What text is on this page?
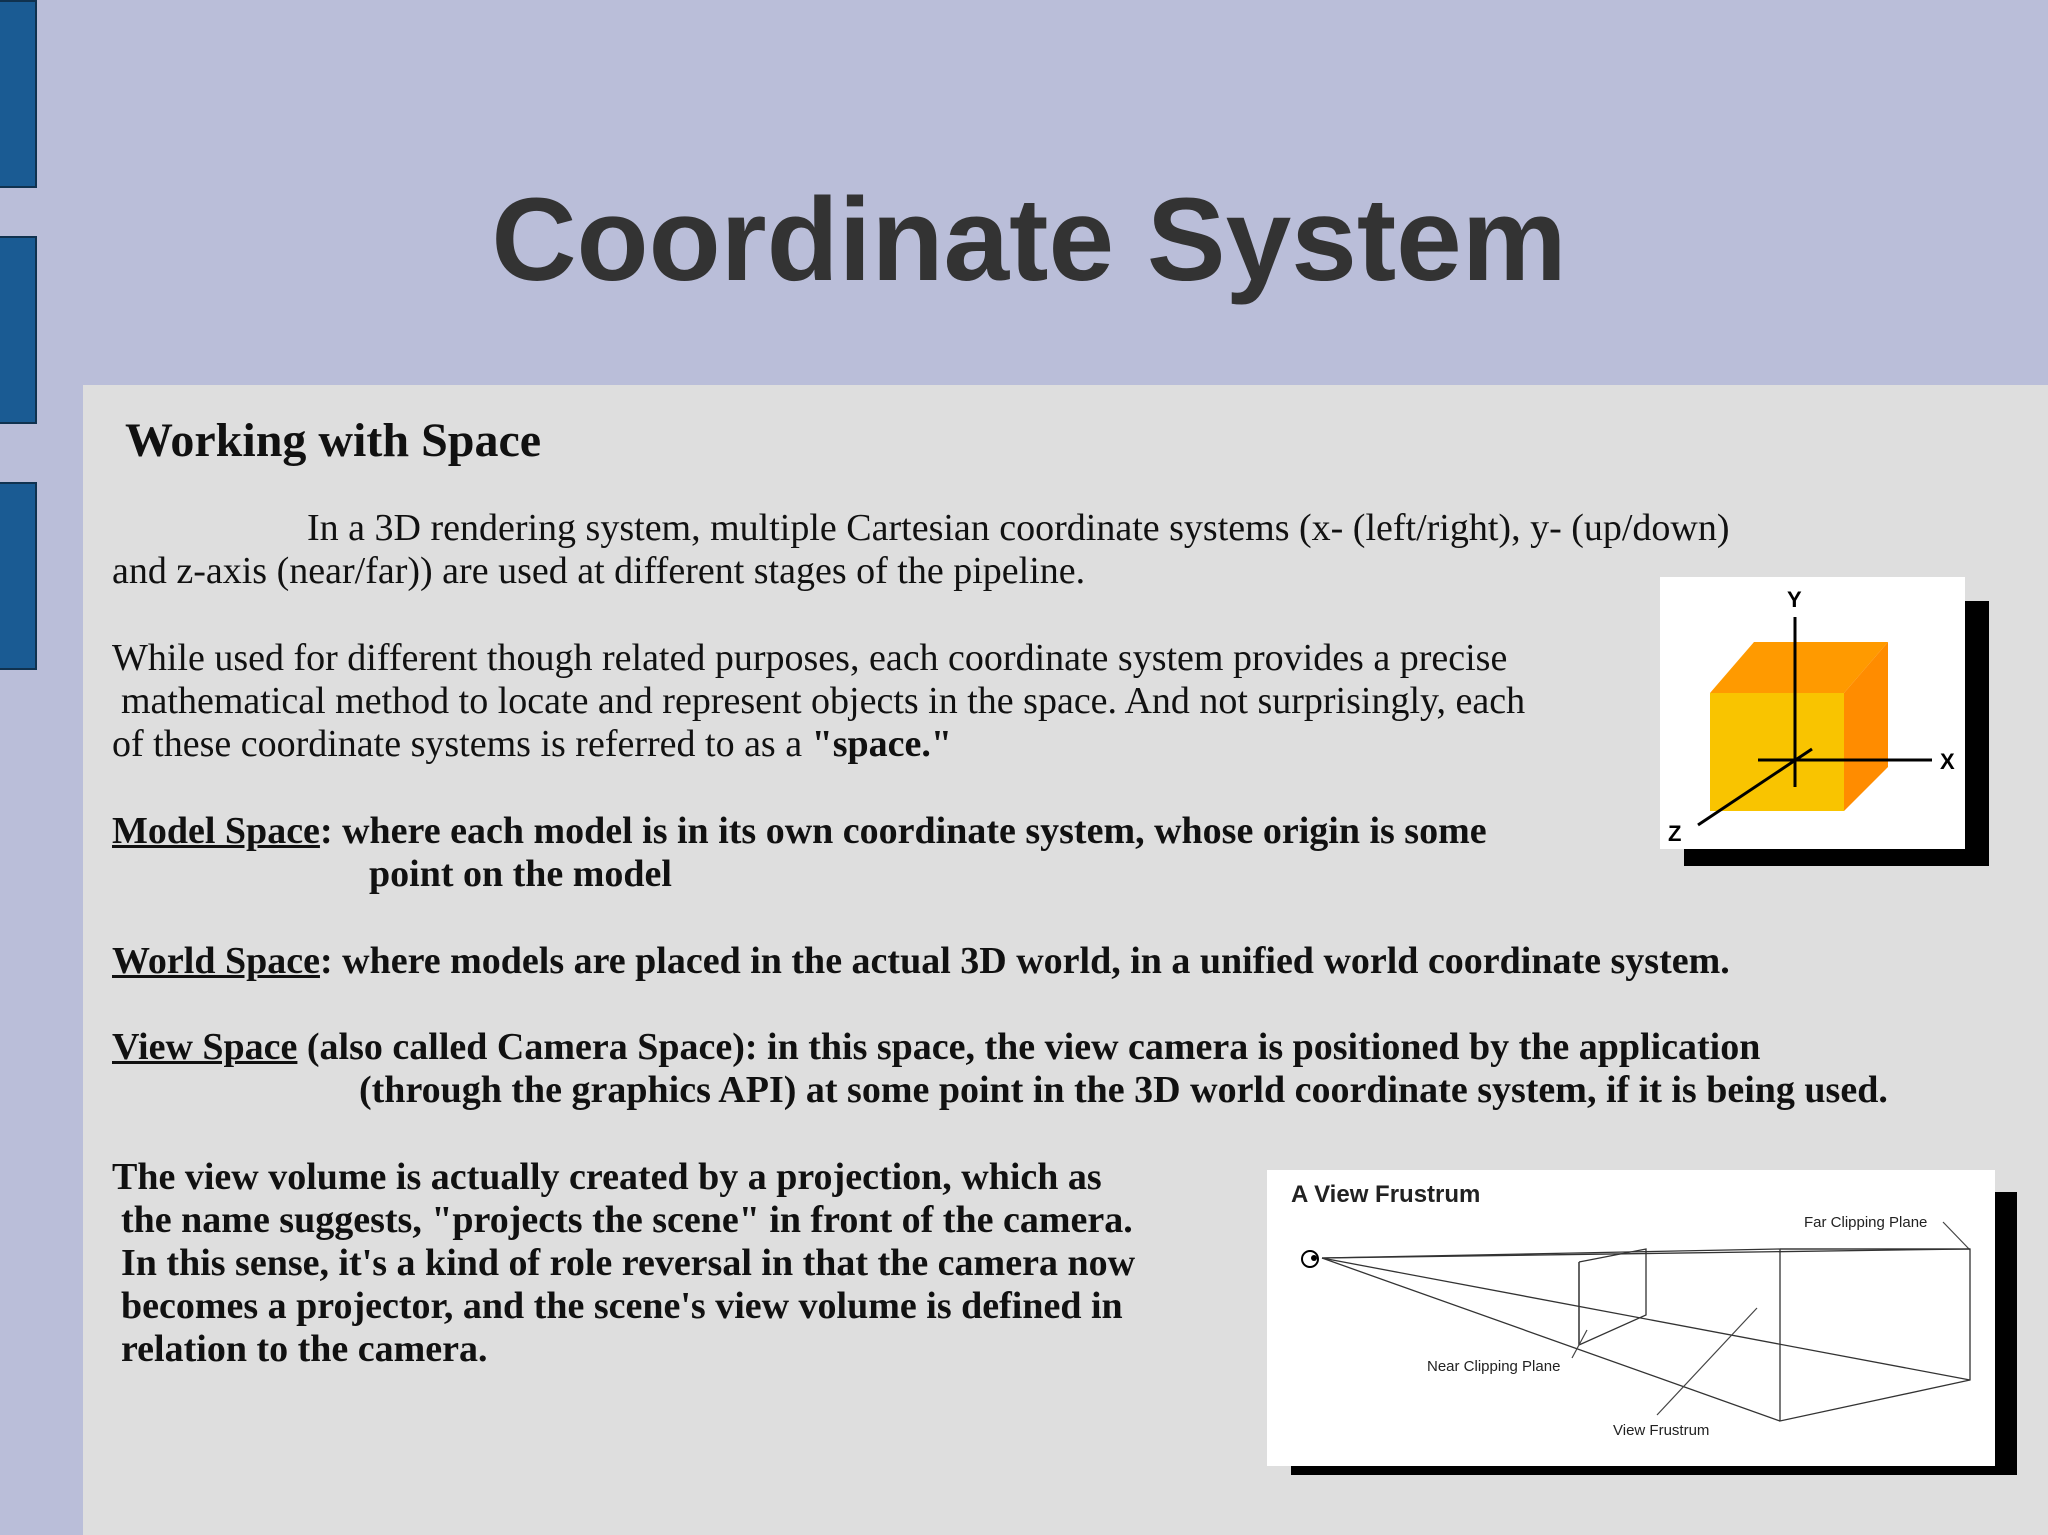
Coordinate System
Working with Space
In a 3D rendering system, multiple Cartesian coordinate systems (x- (left/right), y- (up/down)
and z-axis (near/far)) are used at different stages of the pipeline.
While used for different though related purposes, each coordinate system provides a precise
mathematical method to locate and represent objects in the space. And not surprisingly, each
of these coordinate systems is referred to as a "space."
Model Space: where each model is in its own coordinate system, whose origin is some
point on the model
World Space: where models are placed in the actual 3D world, in a unified world coordinate system.
View Space (also called Camera Space): in this space, the view camera is positioned by the application
(through the graphics API) at some point in the 3D world coordinate system, if it is being used.
The view volume is actually created by a projection, which as
the name suggests, "projects the scene" in front of the camera.
In this sense, it's a kind of role reversal in that the camera now
becomes a projector, and the scene's view volume is defined in
relation to the camera.
Y
X
Z
A View Frustrum
Far Clipping Plane
Near Clipping Plane
View Frustrum
